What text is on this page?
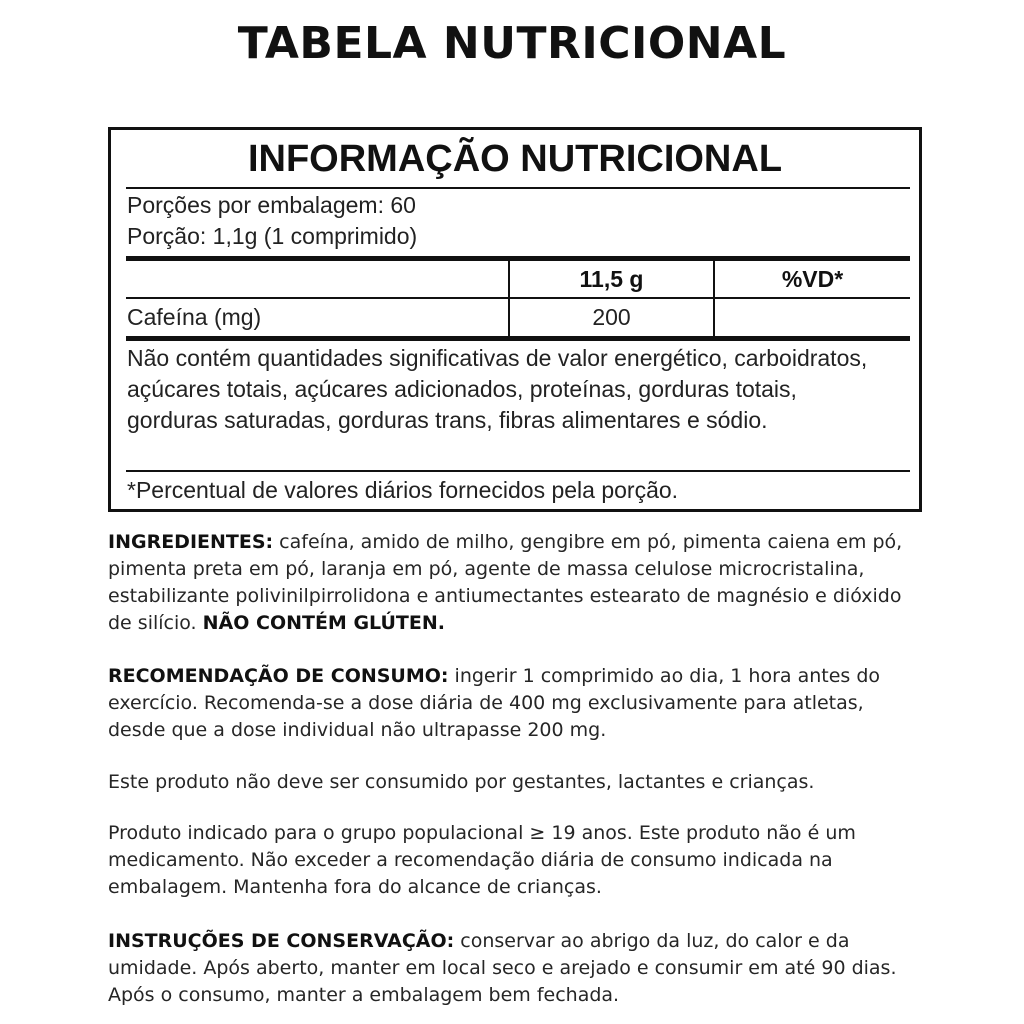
TABELA NUTRICIONAL
INFORMAÇÃO NUTRICIONAL
Porções por embalagem: 60
Porção: 1,1g (1 comprimido)
11,5 g	%VD*
Cafeína (mg)	200
Não contém quantidades significativas de valor energético, carboidratos, açúcares totais, açúcares adicionados, proteínas, gorduras totais, gorduras saturadas, gorduras trans, fibras alimentares e sódio.
*Percentual de valores diários fornecidos pela porção.
INGREDIENTES: cafeína, amido de milho, gengibre em pó, pimenta caiena em pó, pimenta preta em pó, laranja em pó, agente de massa celulose microcristalina, estabilizante polivinilpirrolidona e antiumectantes estearato de magnésio e dióxido de silício. NÃO CONTÉM GLÚTEN.
RECOMENDAÇÃO DE CONSUMO: ingerir 1 comprimido ao dia, 1 hora antes do exercício. Recomenda-se a dose diária de 400 mg exclusivamente para atletas, desde que a dose individual não ultrapasse 200 mg.
Este produto não deve ser consumido por gestantes, lactantes e crianças.
Produto indicado para o grupo populacional ≥ 19 anos. Este produto não é um medicamento. Não exceder a recomendação diária de consumo indicada na embalagem. Mantenha fora do alcance de crianças.
INSTRUÇÕES DE CONSERVAÇÃO: conservar ao abrigo da luz, do calor e da umidade. Após aberto, manter em local seco e arejado e consumir em até 90 dias. Após o consumo, manter a embalagem bem fechada.
